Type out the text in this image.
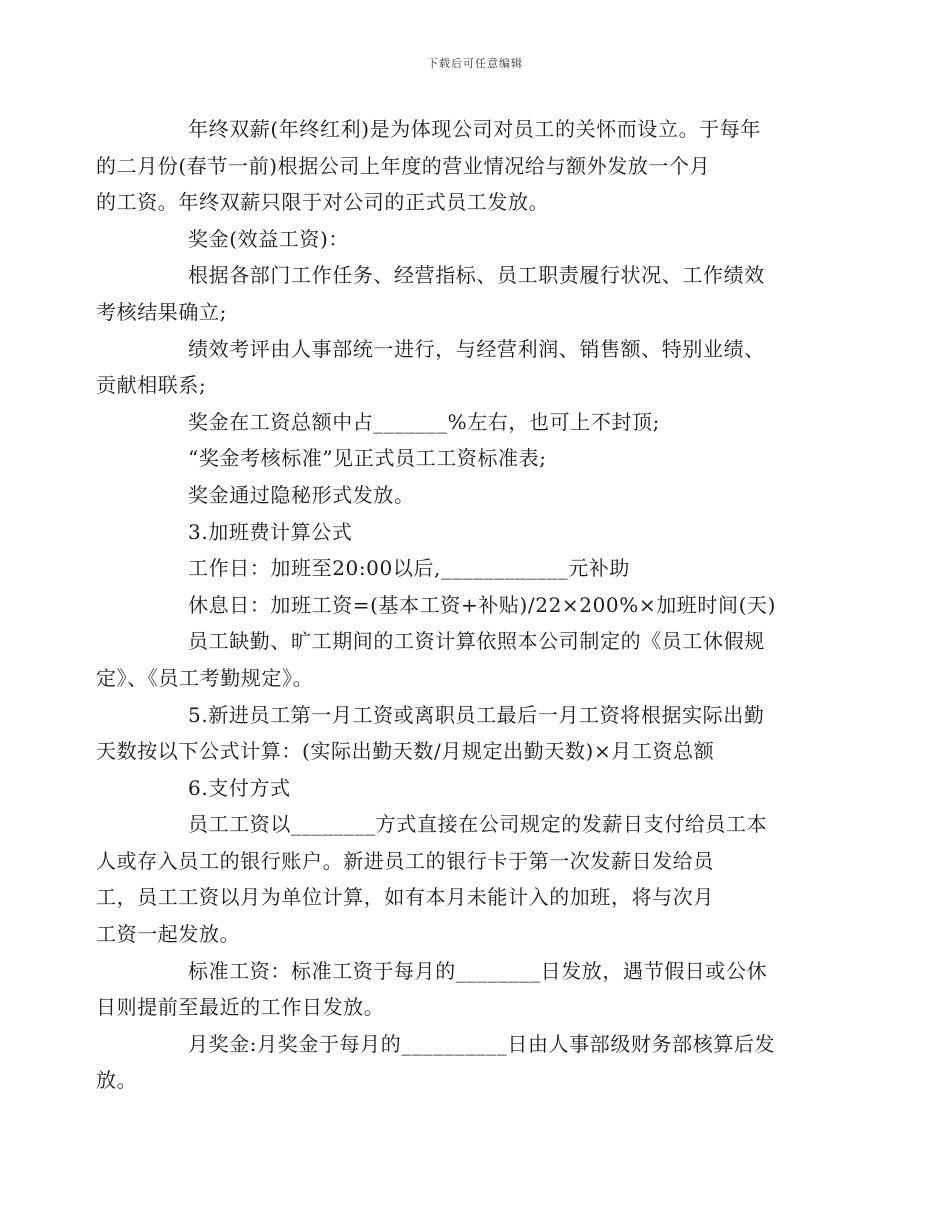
下载后可任意编辑

年终双薪(年终红利)是为体现公司对员工的关怀而设立。于每年
的二月份(春节一前)根据公司上年度的营业情况给与额外发放一个月
的工资。年终双薪只限于对公司的正式员工发放。

奖金(效益工资)：

根据各部门工作任务、经营指标、员工职责履行状况、工作绩效
考核结果确立;

绩效考评由人事部统一进行，与经营利润、销售额、特别业绩、
贡献相联系;

奖金在工资总额中占_______%左右，也可上不封顶;

“奖金考核标准”见正式员工工资标准表;

奖金通过隐秘形式发放。

3.加班费计算公式

工作日：加班至20:00以后,____________元补助

休息日：加班工资=(基本工资+补贴)/22×200%×加班时间(天)

员工缺勤、旷工期间的工资计算依照本公司制定的《员工休假规
定》、《员工考勤规定》。

5.新进员工第一月工资或离职员工最后一月工资将根据实际出勤
天数按以下公式计算：(实际出勤天数/月规定出勤天数)×月工资总额

6.支付方式

员工工资以________方式直接在公司规定的发薪日支付给员工本
人或存入员工的银行账户。新进员工的银行卡于第一次发薪日发给员
工，员工工资以月为单位计算，如有本月未能计入的加班，将与次月
工资一起发放。

标准工资：标准工资于每月的________日发放，遇节假日或公休
日则提前至最近的工作日发放。

月奖金:月奖金于每月的__________日由人事部级财务部核算后发
放。
